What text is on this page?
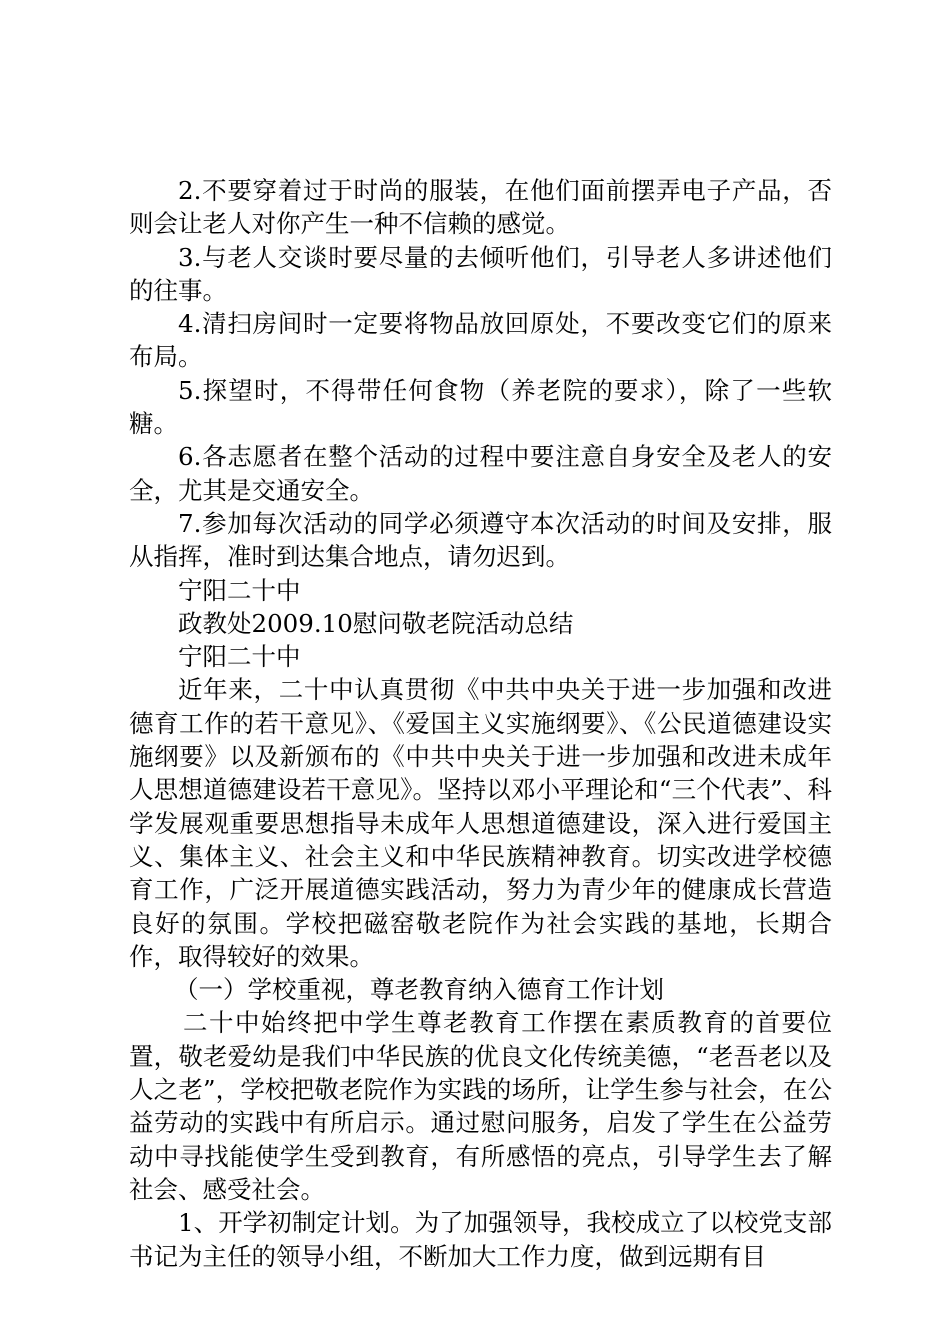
2.不要穿着过于时尚的服装，在他们面前摆弄电子产品，否则会让老人对你产生一种不信赖的感觉。

3.与老人交谈时要尽量的去倾听他们，引导老人多讲述他们的往事。

4.清扫房间时一定要将物品放回原处，不要改变它们的原来布局。

5.探望时，不得带任何食物（养老院的要求），除了一些软糖。

6.各志愿者在整个活动的过程中要注意自身安全及老人的安全，尤其是交通安全。

7.参加每次活动的同学必须遵守本次活动的时间及安排，服从指挥，准时到达集合地点，请勿迟到。

宁阳二十中

政教处2009.10慰问敬老院活动总结

宁阳二十中

近年来，二十中认真贯彻《中共中央关于进一步加强和改进德育工作的若干意见》、《爱国主义实施纲要》、《公民道德建设实施纲要》以及新颁布的《中共中央关于进一步加强和改进未成年人思想道德建设若干意见》。坚持以邓小平理论和“三个代表”、科学发展观重要思想指导未成年人思想道德建设，深入进行爱国主义、集体主义、社会主义和中华民族精神教育。切实改进学校德育工作，广泛开展道德实践活动，努力为青少年的健康成长营造良好的氛围。学校把磁窑敬老院作为社会实践的基地，长期合作，取得较好的效果。

（一）学校重视，尊老教育纳入德育工作计划

二十中始终把中学生尊老教育工作摆在素质教育的首要位置，敬老爱幼是我们中华民族的优良文化传统美德，“老吾老以及人之老”，学校把敬老院作为实践的场所，让学生参与社会，在公益劳动的实践中有所启示。通过慰问服务，启发了学生在公益劳动中寻找能使学生受到教育，有所感悟的亮点，引导学生去了解社会、感受社会。

1、开学初制定计划。为了加强领导，我校成立了以校党支部书记为主任的领导小组，不断加大工作力度，做到远期有目
